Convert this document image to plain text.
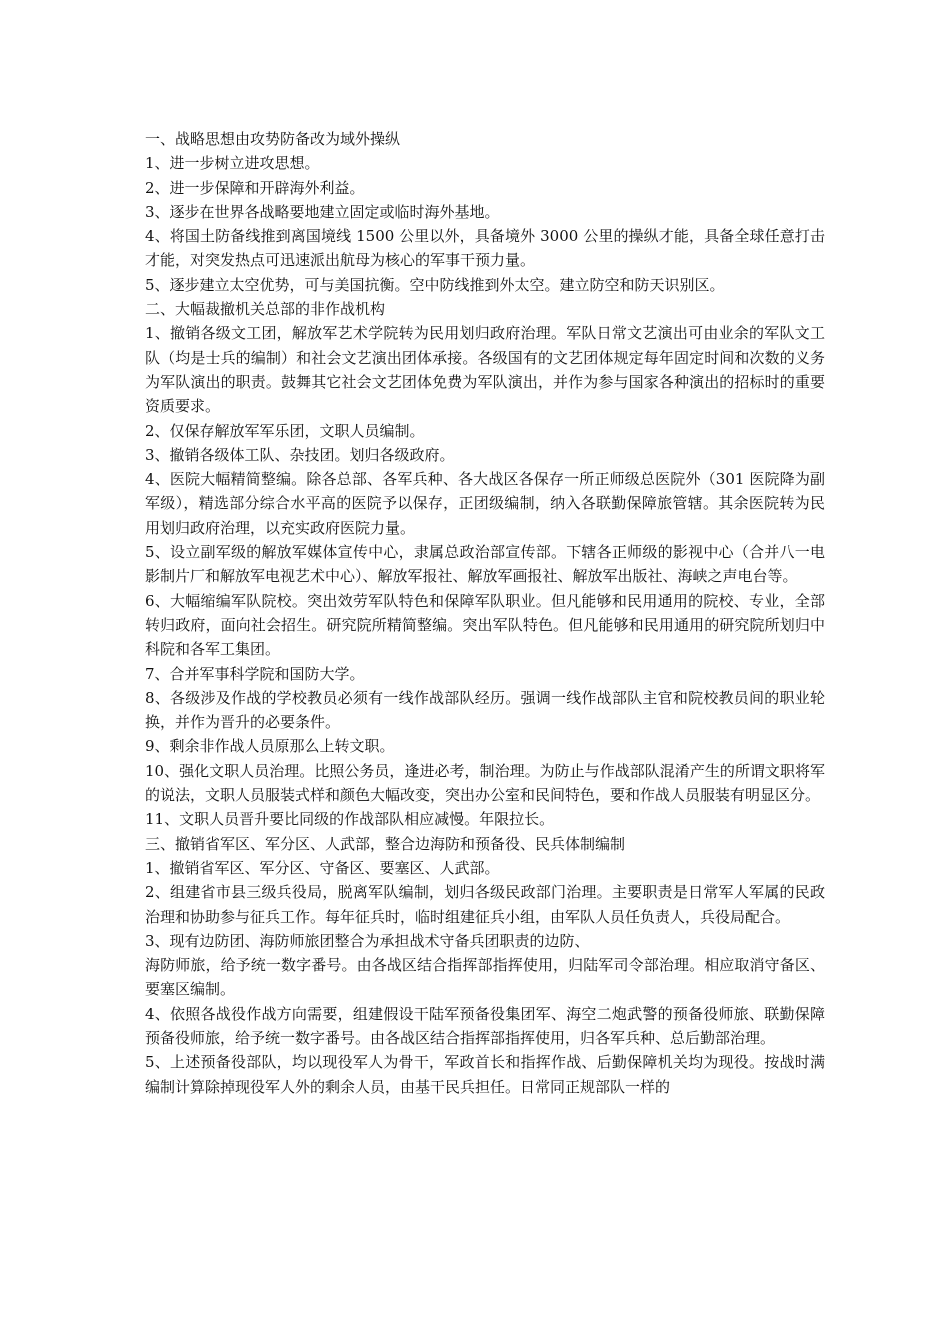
一、战略思想由攻势防备改为域外操纵

1、进一步树立进攻思想。

2、进一步保障和开辟海外利益。

3、逐步在世界各战略要地建立固定或临时海外基地。

4、将国土防备线推到离国境线 1500 公里以外，具备境外 3000 公里的操纵才能，具备全球任意打击才能，对突发热点可迅速派出航母为核心的军事干预力量。

5、逐步建立太空优势，可与美国抗衡。空中防线推到外太空。建立防空和防天识别区。

二、大幅裁撤机关总部的非作战机构

1、撤销各级文工团，解放军艺术学院转为民用划归政府治理。军队日常文艺演出可由业余的军队文工队（均是士兵的编制）和社会文艺演出团体承接。各级国有的文艺团体规定每年固定时间和次数的义务为军队演出的职责。鼓舞其它社会文艺团体免费为军队演出，并作为参与国家各种演出的招标时的重要资质要求。

2、仅保存解放军军乐团，文职人员编制。

3、撤销各级体工队、杂技团。划归各级政府。

4、医院大幅精简整编。除各总部、各军兵种、各大战区各保存一所正师级总医院外（301 医院降为副军级），精选部分综合水平高的医院予以保存，正团级编制，纳入各联勤保障旅管辖。其余医院转为民用划归政府治理，以充实政府医院力量。

5、设立副军级的解放军媒体宣传中心，隶属总政治部宣传部。下辖各正师级的影视中心（合并八一电影制片厂和解放军电视艺术中心）、解放军报社、解放军画报社、解放军出版社、海峡之声电台等。

6、大幅缩编军队院校。突出效劳军队特色和保障军队职业。但凡能够和民用通用的院校、专业，全部转归政府，面向社会招生。研究院所精简整编。突出军队特色。但凡能够和民用通用的研究院所划归中科院和各军工集团。

7、合并军事科学院和国防大学。

8、各级涉及作战的学校教员必须有一线作战部队经历。强调一线作战部队主官和院校教员间的职业轮换，并作为晋升的必要条件。

9、剩余非作战人员原那么上转文职。

10、强化文职人员治理。比照公务员，逢进必考，制治理。为防止与作战部队混淆产生的所谓文职将军的说法，文职人员服装式样和颜色大幅改变，突出办公室和民间特色，要和作战人员服装有明显区分。

11、文职人员晋升要比同级的作战部队相应减慢。年限拉长。

三、撤销省军区、军分区、人武部，整合边海防和预备役、民兵体制编制

1、撤销省军区、军分区、守备区、要塞区、人武部。

2、组建省市县三级兵役局，脱离军队编制，划归各级民政部门治理。主要职责是日常军人军属的民政治理和协助参与征兵工作。每年征兵时，临时组建征兵小组，由军队人员任负责人，兵役局配合。

3、现有边防团、海防师旅团整合为承担战术守备兵团职责的边防、

海防师旅，给予统一数字番号。由各战区结合指挥部指挥使用，归陆军司令部治理。相应取消守备区、要塞区编制。

4、依照各战役作战方向需要，组建假设干陆军预备役集团军、海空二炮武警的预备役师旅、联勤保障预备役师旅，给予统一数字番号。由各战区结合指挥部指挥使用，归各军兵种、总后勤部治理。

5、上述预备役部队，均以现役军人为骨干，军政首长和指挥作战、后勤保障机关均为现役。按战时满编制计算除掉现役军人外的剩余人员，由基干民兵担任。日常同正规部队一样的
